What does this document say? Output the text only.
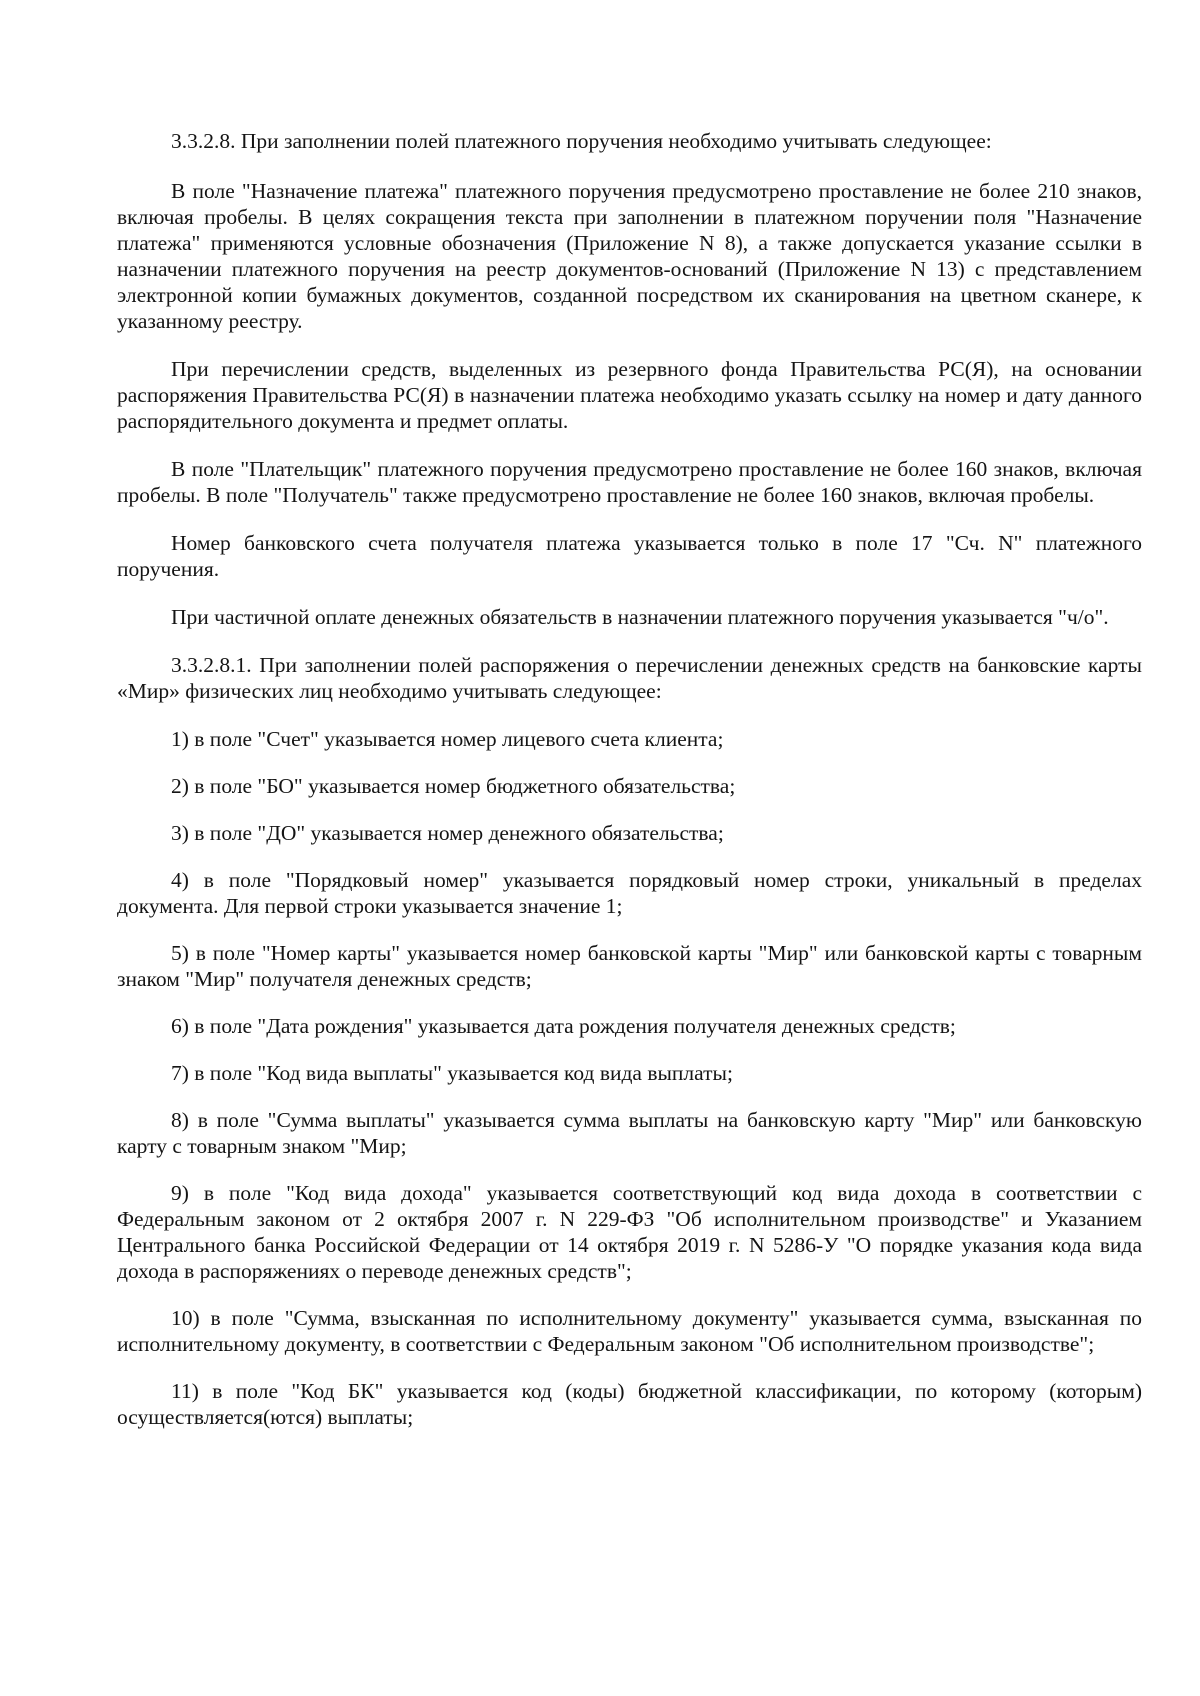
3.3.2.8. При заполнении полей платежного поручения необходимо учитывать следующее:

В поле "Назначение платежа" платежного поручения предусмотрено проставление не более 210 знаков, включая пробелы. В целях сокращения текста при заполнении в платежном поручении поля "Назначение платежа" применяются условные обозначения (Приложение N 8), а также допускается указание ссылки в назначении платежного поручения на реестр документов-оснований (Приложение N 13) с представлением электронной копии бумажных документов, созданной посредством их сканирования на цветном сканере, к указанному реестру.

При перечислении средств, выделенных из резервного фонда Правительства РС(Я), на основании распоряжения Правительства РС(Я) в назначении платежа необходимо указать ссылку на номер и дату данного распорядительного документа и предмет оплаты.

В поле "Плательщик" платежного поручения предусмотрено проставление не более 160 знаков, включая пробелы. В поле "Получатель" также предусмотрено проставление не более 160 знаков, включая пробелы.

Номер банковского счета получателя платежа указывается только в поле 17 "Сч. N" платежного поручения.

При частичной оплате денежных обязательств в назначении платежного поручения указывается "ч/о".

3.3.2.8.1. При заполнении полей распоряжения о перечислении денежных средств на банковские карты «Мир» физических лиц необходимо учитывать следующее:

1) в поле "Счет" указывается номер лицевого счета клиента;

2) в поле "БО" указывается номер бюджетного обязательства;

3) в поле "ДО" указывается номер денежного обязательства;

4) в поле "Порядковый номер" указывается порядковый номер строки, уникальный в пределах документа. Для первой строки указывается значение 1;

5) в поле "Номер карты" указывается номер банковской карты "Мир" или банковской карты с товарным знаком "Мир" получателя денежных средств;

6) в поле "Дата рождения" указывается дата рождения получателя денежных средств;

7) в поле "Код вида выплаты" указывается код вида выплаты;

8) в поле "Сумма выплаты" указывается сумма выплаты на банковскую карту "Мир" или банковскую карту с товарным знаком "Мир;

9) в поле "Код вида дохода" указывается соответствующий код вида дохода в соответствии с Федеральным законом от 2 октября 2007 г. N 229-ФЗ "Об исполнительном производстве" и Указанием Центрального банка Российской Федерации от 14 октября 2019 г. N 5286-У "О порядке указания кода вида дохода в распоряжениях о переводе денежных средств";

10) в поле "Сумма, взысканная по исполнительному документу" указывается сумма, взысканная по исполнительному документу, в соответствии с Федеральным законом "Об исполнительном производстве";

11) в поле "Код БК" указывается код (коды) бюджетной классификации, по которому (которым) осуществляется(ются) выплаты;
